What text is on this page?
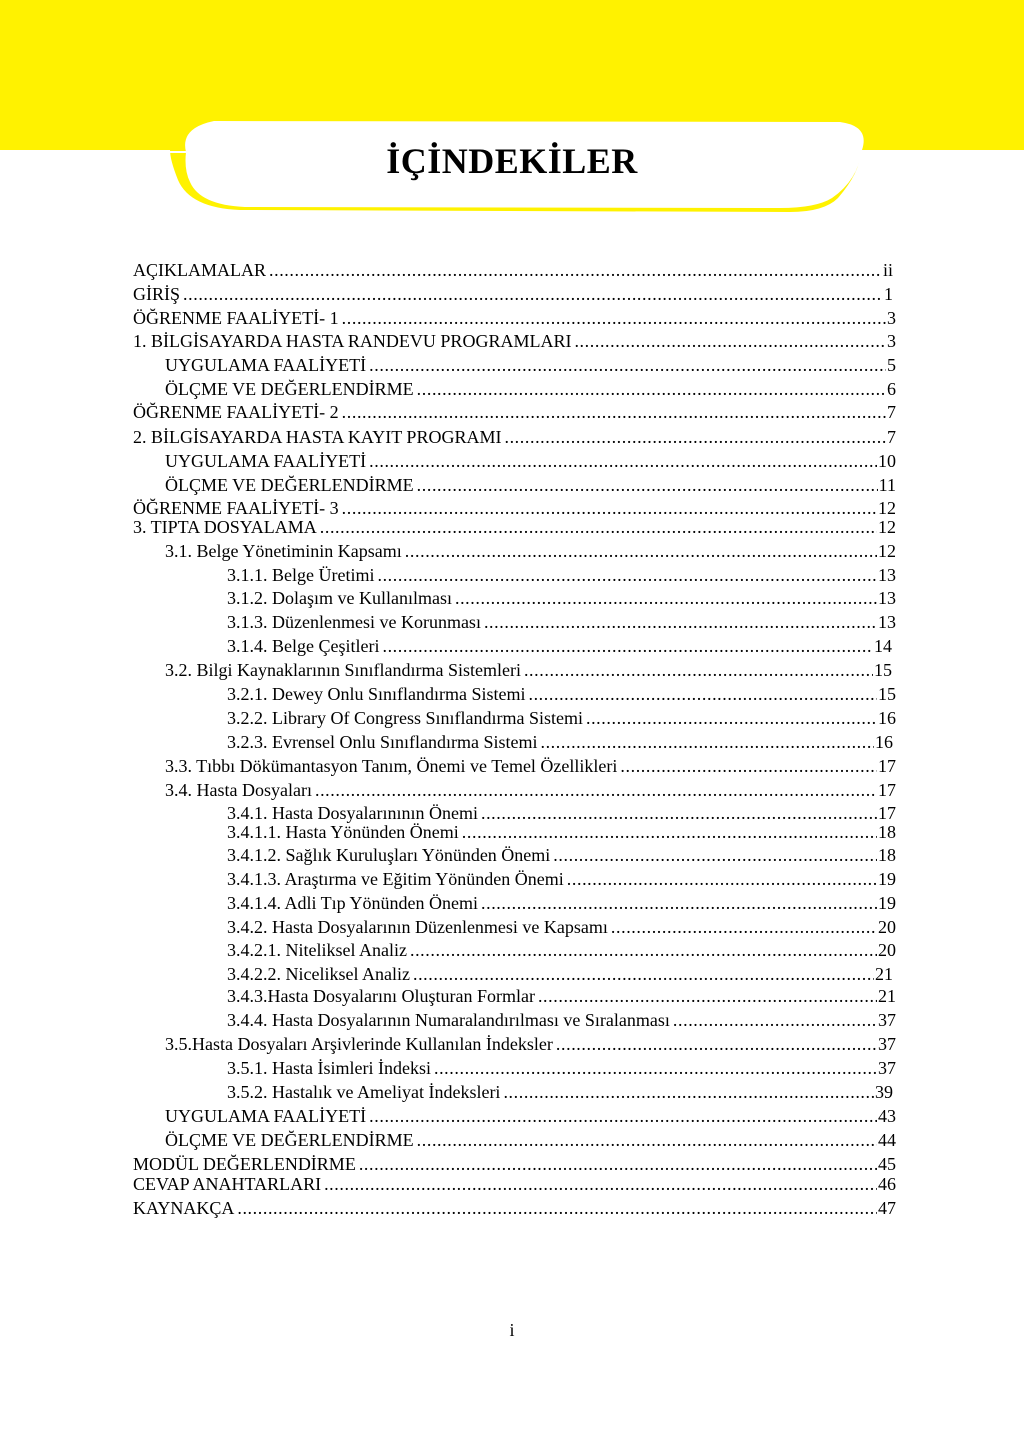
İÇİNDEKİLER
AÇIKLAMALAR .....	ii
GİRİŞ .....	1
ÖĞRENME FAALİYETİ- 1 .....	3
1. BİLGİSAYARDA HASTA RANDEVU PROGRAMLARI .....	3
UYGULAMA FAALİYETİ .....	5
ÖLÇME VE DEĞERLENDİRME .....	6
ÖĞRENME FAALİYETİ- 2 .....	7
2. BİLGİSAYARDA HASTA KAYIT PROGRAMI .....	7
UYGULAMA FAALİYETİ .....	10
ÖLÇME VE DEĞERLENDİRME .....	11
ÖĞRENME FAALİYETİ- 3 .....	12
3. TIPTA DOSYALAMA .....	12
3.1. Belge Yönetiminin Kapsamı .....	12
3.1.1. Belge Üretimi .....	13
3.1.2. Dolaşım ve Kullanılması .....	13
3.1.3. Düzenlenmesi ve Korunması .....	13
3.1.4. Belge Çeşitleri .....	14
3.2. Bilgi Kaynaklarının Sınıflandırma Sistemleri .....	15
3.2.1. Dewey Onlu Sınıflandırma Sistemi .....	15
3.2.2. Library Of Congress Sınıflandırma Sistemi .....	16
3.2.3. Evrensel Onlu Sınıflandırma Sistemi .....	16
3.3. Tıbbı Dökümantasyon Tanım, Önemi ve Temel Özellikleri .....	17
3.4. Hasta Dosyaları .....	17
3.4.1. Hasta Dosyalarınının Önemi .....	17
3.4.1.1. Hasta Yönünden Önemi .....	18
3.4.1.2. Sağlık Kuruluşları Yönünden Önemi .....	18
3.4.1.3. Araştırma ve Eğitim Yönünden Önemi .....	19
3.4.1.4. Adli Tıp Yönünden Önemi .....	19
3.4.2. Hasta Dosyalarının Düzenlenmesi ve Kapsamı .....	20
3.4.2.1. Niteliksel Analiz .....	20
3.4.2.2. Niceliksel Analiz .....	21
3.4.3.Hasta Dosyalarını Oluşturan Formlar .....	21
3.4.4. Hasta Dosyalarının Numaralandırılması ve Sıralanması .....	37
3.5.Hasta Dosyaları Arşivlerinde Kullanılan İndeksler .....	37
3.5.1. Hasta İsimleri İndeksi .....	37
3.5.2. Hastalık ve Ameliyat İndeksleri .....	39
UYGULAMA FAALİYETİ .....	43
ÖLÇME VE DEĞERLENDİRME .....	44
MODÜL DEĞERLENDİRME .....	45
CEVAP ANAHTARLARI .....	46
KAYNAKÇA .....	47
i
